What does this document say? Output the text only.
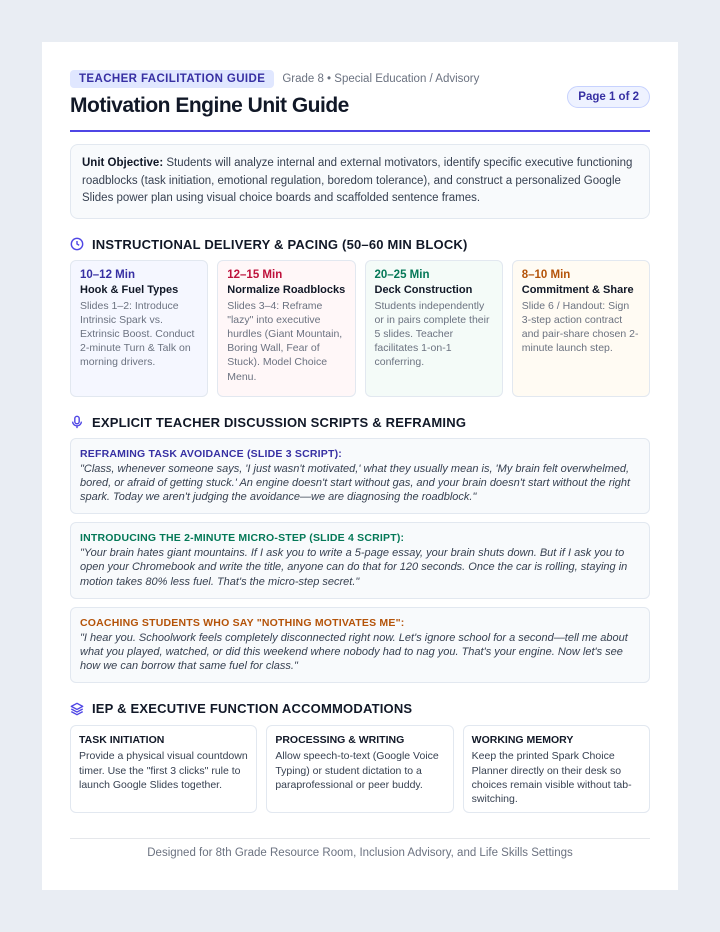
TEACHER FACILITATION GUIDE	Grade 8 • Special Education / Advisory
Motivation Engine Unit Guide	Page 1 of 2
Unit Objective: Students will analyze internal and external motivators, identify specific executive functioning roadblocks (task initiation, emotional regulation, boredom tolerance), and construct a personalized Google Slides power plan using visual choice boards and scaffolded sentence frames.
INSTRUCTIONAL DELIVERY & PACING (50–60 MIN BLOCK)
10–12 Min
Hook & Fuel Types
Slides 1–2: Introduce Intrinsic Spark vs. Extrinsic Boost. Conduct 2-minute Turn & Talk on morning drivers.
12–15 Min
Normalize Roadblocks
Slides 3–4: Reframe "lazy" into executive hurdles (Giant Mountain, Boring Wall, Fear of Stuck). Model Choice Menu.
20–25 Min
Deck Construction
Students independently or in pairs complete their 5 slides. Teacher facilitates 1-on-1 conferring.
8–10 Min
Commitment & Share
Slide 6 / Handout: Sign 3-step action contract and pair-share chosen 2-minute launch step.
EXPLICIT TEACHER DISCUSSION SCRIPTS & REFRAMING
REFRAMING TASK AVOIDANCE (SLIDE 3 SCRIPT):
"Class, whenever someone says, 'I just wasn't motivated,' what they usually mean is, 'My brain felt overwhelmed, bored, or afraid of getting stuck.' An engine doesn't start without gas, and your brain doesn't start without the right spark. Today we aren't judging the avoidance—we are diagnosing the roadblock."
INTRODUCING THE 2-MINUTE MICRO-STEP (SLIDE 4 SCRIPT):
"Your brain hates giant mountains. If I ask you to write a 5-page essay, your brain shuts down. But if I ask you to open your Chromebook and write the title, anyone can do that for 120 seconds. Once the car is rolling, staying in motion takes 80% less fuel. That's the micro-step secret."
COACHING STUDENTS WHO SAY "NOTHING MOTIVATES ME":
"I hear you. Schoolwork feels completely disconnected right now. Let's ignore school for a second—tell me about what you played, watched, or did this weekend where nobody had to nag you. That's your engine. Now let's see how we can borrow that same fuel for class."
IEP & EXECUTIVE FUNCTION ACCOMMODATIONS
TASK INITIATION
Provide a physical visual countdown timer. Use the "first 3 clicks" rule to launch Google Slides together.
PROCESSING & WRITING
Allow speech-to-text (Google Voice Typing) or student dictation to a paraprofessional or peer buddy.
WORKING MEMORY
Keep the printed Spark Choice Planner directly on their desk so choices remain visible without tab-switching.
Designed for 8th Grade Resource Room, Inclusion Advisory, and Life Skills Settings
